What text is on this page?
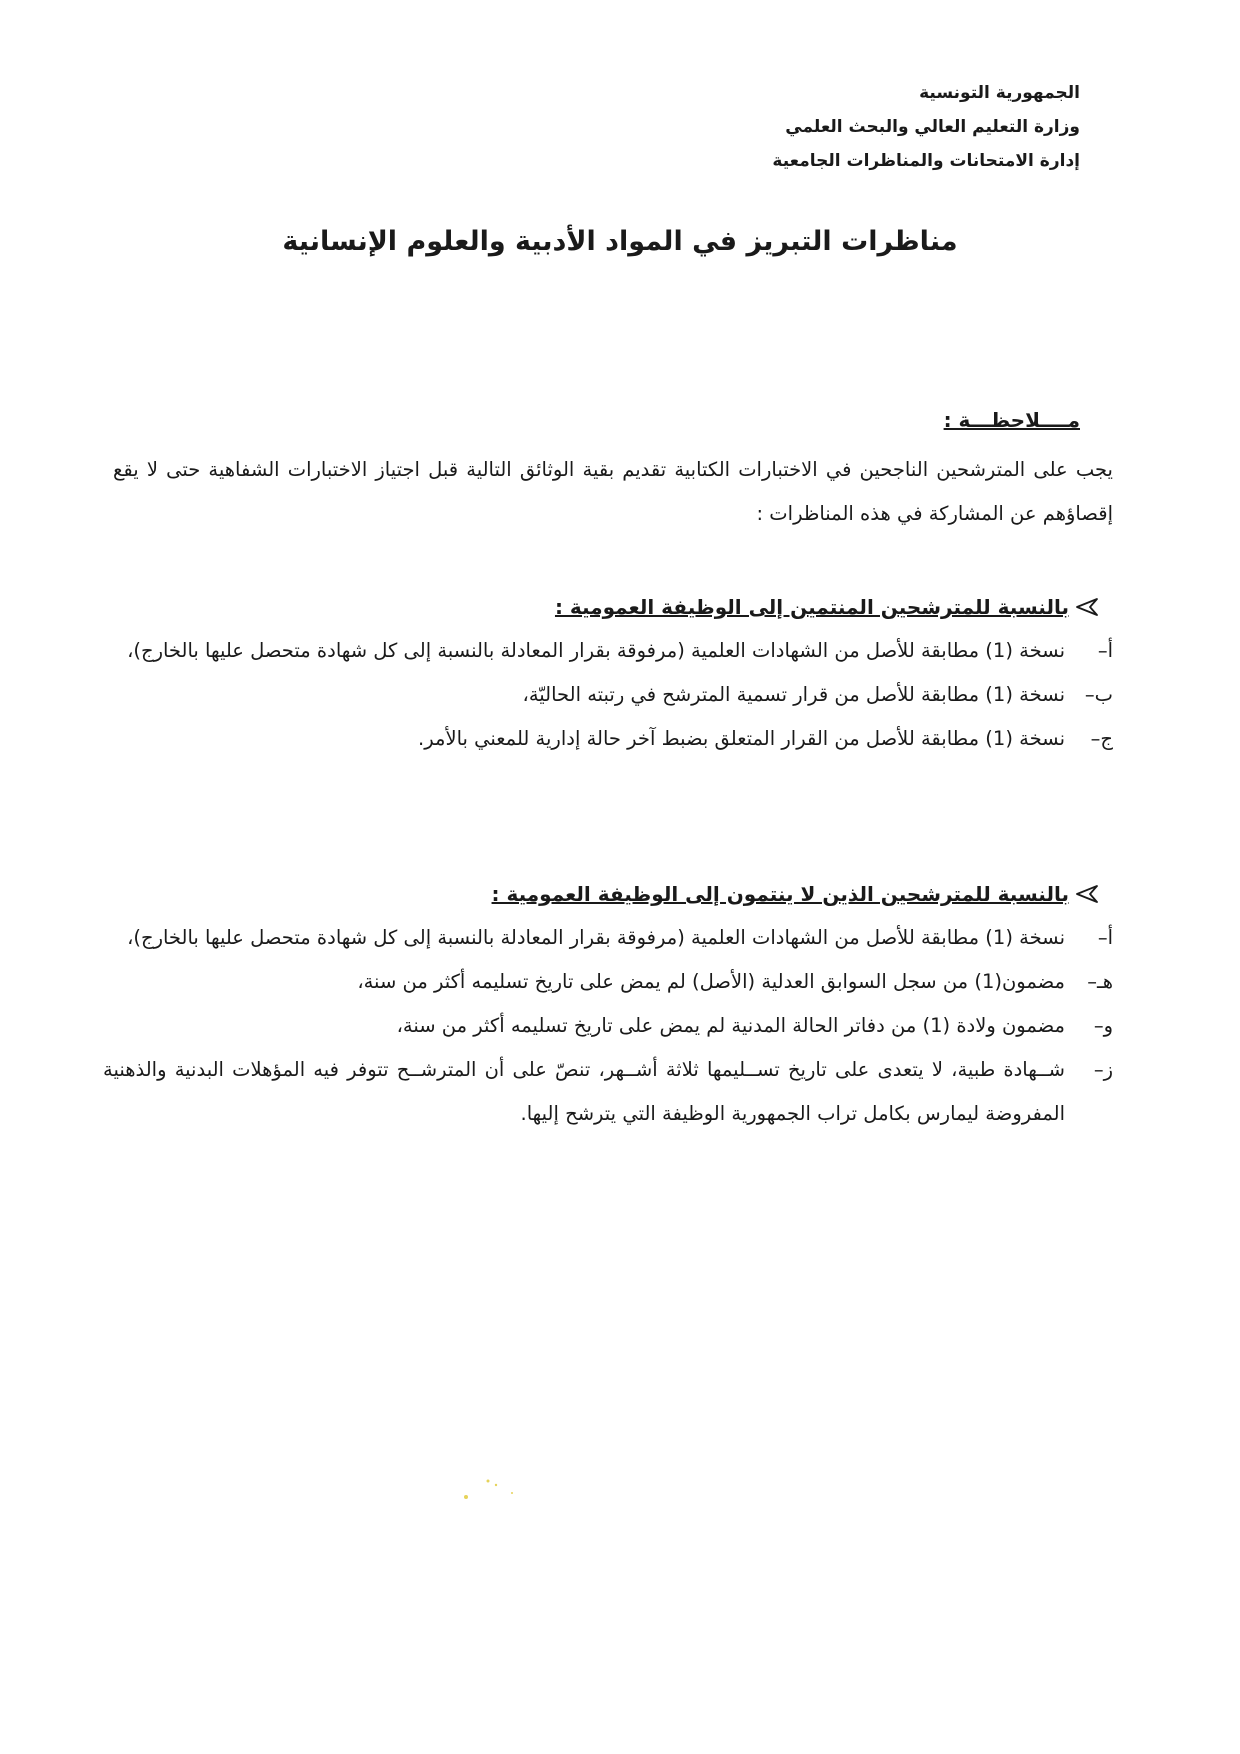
الجمهورية التونسية
وزارة التعليم العالي والبحث العلمي
إدارة الامتحانات والمناظرات الجامعية
مناظرات التبريز في المواد الأدبية والعلوم الإنسانية
مــــلاحظـــة :
يجب على المترشحين الناجحين في الاختبارات الكتابية تقديم بقية الوثائق التالية قبل اجتياز الاختبارات الشفاهية حتى لا يقع إقصاؤهم عن المشاركة في هذه المناظرات :
بالنسبة للمترشحين المنتمين إلى الوظيفة العمومية :
أ–
نسخة (1) مطابقة للأصل من الشهادات العلمية (مرفوقة بقرار المعادلة بالنسبة إلى كل شهادة متحصل عليها بالخارج)،
ب–
نسخة (1) مطابقة للأصل من قرار تسمية المترشح في رتبته الحاليّة،
ج–
نسخة (1) مطابقة للأصل من القرار المتعلق بضبط آخر حالة إدارية للمعني بالأمر.
بالنسبة للمترشحين الذين لا ينتمون إلى الوظيفة العمومية :
أ–
نسخة (1) مطابقة للأصل من الشهادات العلمية (مرفوقة بقرار المعادلة بالنسبة إلى كل شهادة متحصل عليها بالخارج)،
هـ–
مضمون(1) من سجل السوابق العدلية (الأصل) لم يمض على تاريخ تسليمه أكثر من سنة،
و–
مضمون ولادة (1) من دفاتر الحالة المدنية لم يمض على تاريخ تسليمه أكثر من سنة،
ز–
شــهادة طبية، لا يتعدى على تاريخ تســليمها ثلاثة أشــهر، تنصّ على أن المترشــح تتوفر فيه المؤهلات البدنية والذهنية المفروضة ليمارس بكامل تراب الجمهورية الوظيفة التي يترشح إليها.
